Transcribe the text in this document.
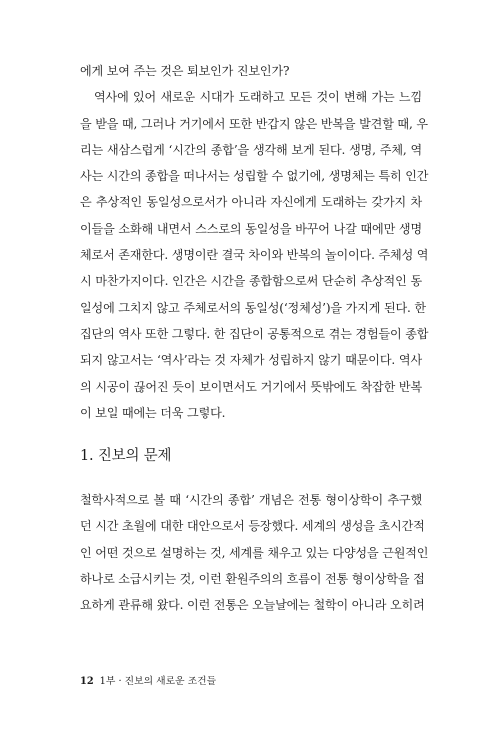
에게 보여 주는 것은 퇴보인가 진보인가?
역사에 있어 새로운 시대가 도래하고 모든 것이 변해 가는 느낌
을 받을 때, 그러나 거기에서 또한 반갑지 않은 반복을 발견할 때, 우
리는 새삼스럽게 ‘시간의 종합’을 생각해 보게 된다. 생명, 주체, 역
사는 시간의 종합을 떠나서는 성립할 수 없기에, 생명체는 특히 인간
은 추상적인 동일성으로서가 아니라 자신에게 도래하는 갖가지 차
이들을 소화해 내면서 스스로의 동일성을 바꾸어 나갈 때에만 생명
체로서 존재한다. 생명이란 결국 차이와 반복의 놀이이다. 주체성 역
시 마찬가지이다. 인간은 시간을 종합함으로써 단순히 추상적인 동
일성에 그치지 않고 주체로서의 동일성(‘정체성’)을 가지게 된다. 한
집단의 역사 또한 그렇다. 한 집단이 공통적으로 겪는 경험들이 종합
되지 않고서는 ‘역사’라는 것 자체가 성립하지 않기 때문이다. 역사
의 시공이 끊어진 듯이 보이면서도 거기에서 뜻밖에도 착잡한 반복
이 보일 때에는 더욱 그렇다.
1. 진보의 문제
철학사적으로 볼 때 ‘시간의 종합’ 개념은 전통 형이상학이 추구했
던 시간 초월에 대한 대안으로서 등장했다. 세계의 생성을 초시간적
인 어떤 것으로 설명하는 것, 세계를 채우고 있는 다양성을 근원적인
하나로 소급시키는 것, 이런 환원주의의 흐름이 전통 형이상학을 접
요하게 관류해 왔다. 이런 전통은 오늘날에는 철학이 아니라 오히려
12 1부 · 진보의 새로운 조건들
